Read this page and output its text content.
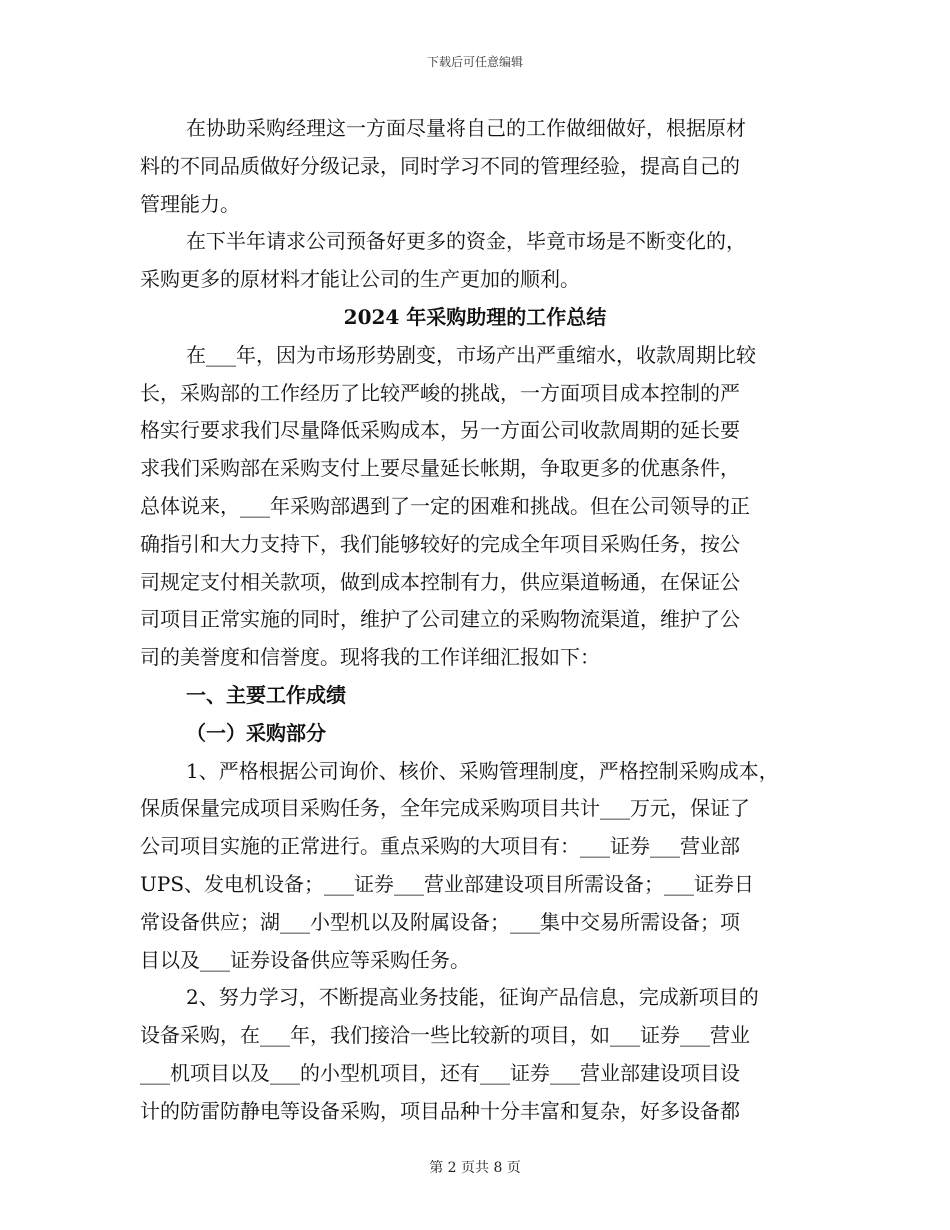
下载后可任意编辑
在协助采购经理这一方面尽量将自己的工作做细做好，根据原材
料的不同品质做好分级记录，同时学习不同的管理经验，提高自己的
管理能力。
在下半年请求公司预备好更多的资金，毕竟市场是不断变化的，
采购更多的原材料才能让公司的生产更加的顺利。
2024 年采购助理的工作总结
在___年，因为市场形势剧变，市场产出严重缩水，收款周期比较
长，采购部的工作经历了比较严峻的挑战，一方面项目成本控制的严
格实行要求我们尽量降低采购成本，另一方面公司收款周期的延长要
求我们采购部在采购支付上要尽量延长帐期，争取更多的优惠条件，
总体说来，___年采购部遇到了一定的困难和挑战。但在公司领导的正
确指引和大力支持下，我们能够较好的完成全年项目采购任务，按公
司规定支付相关款项，做到成本控制有力，供应渠道畅通，在保证公
司项目正常实施的同时，维护了公司建立的采购物流渠道，维护了公
司的美誉度和信誉度。现将我的工作详细汇报如下：
一、主要工作成绩
（一）采购部分
1、严格根据公司询价、核价、采购管理制度，严格控制采购成本，
保质保量完成项目采购任务，全年完成采购项目共计___万元，保证了
公司项目实施的正常进行。重点采购的大项目有：___证券___营业部
UPS、发电机设备；___证券___营业部建设项目所需设备；___证券日
常设备供应；湖___小型机以及附属设备；___集中交易所需设备；项
目以及___证券设备供应等采购任务。
2、努力学习，不断提高业务技能，征询产品信息，完成新项目的
设备采购，在___年，我们接洽一些比较新的项目，如___证券___营业
___机项目以及___的小型机项目，还有___证券___营业部建设项目设
计的防雷防静电等设备采购，项目品种十分丰富和复杂，好多设备都
第 2 页共 8 页
